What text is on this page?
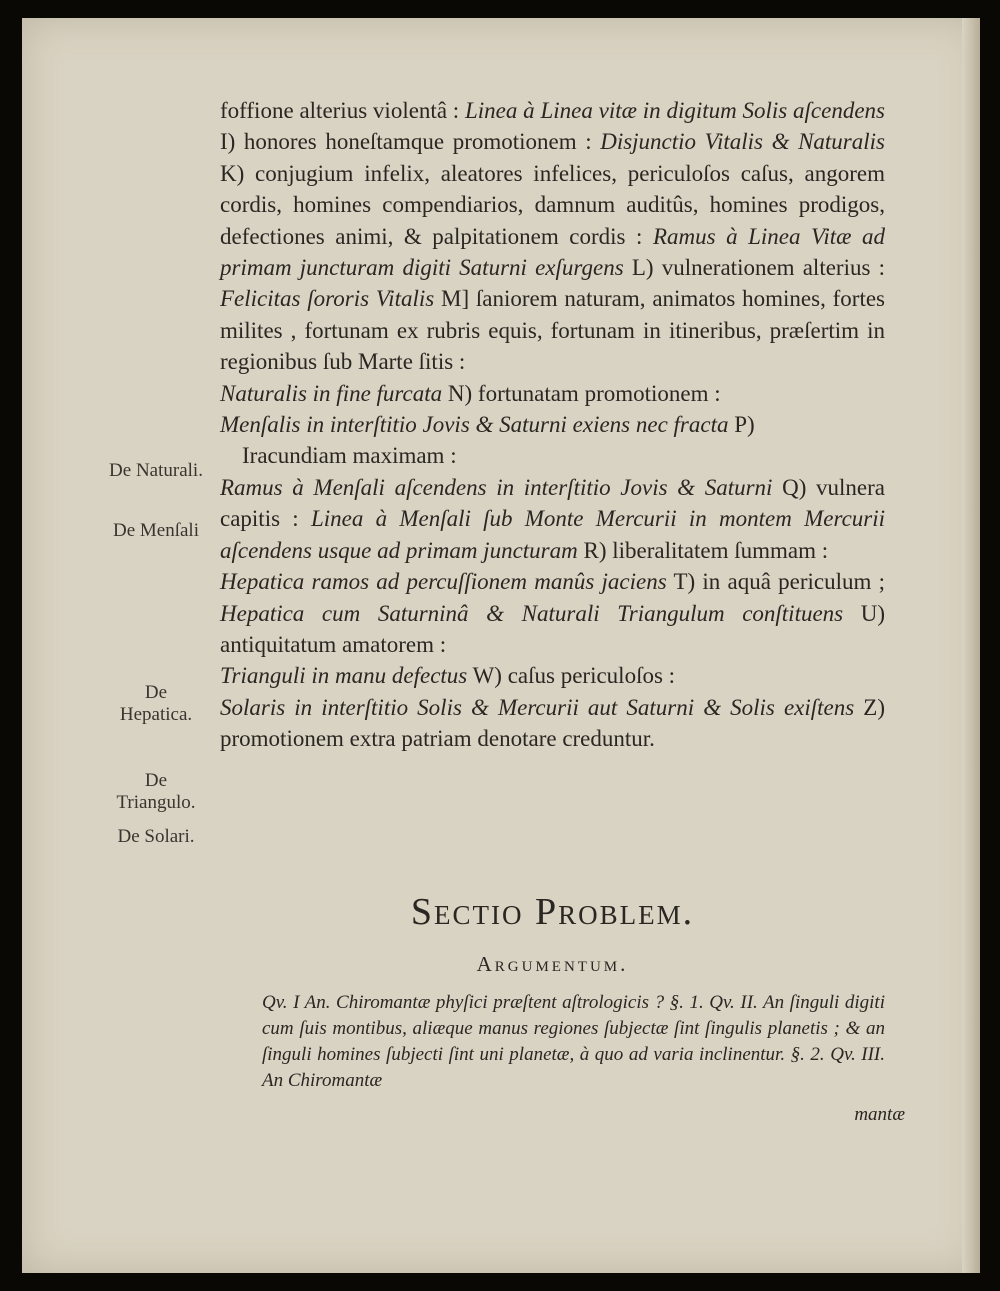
foffione alterius violentâ : Linea à Linea vitæ in digitum Solis aſcendens I) honores honeſtamque promotionem : Disjunctio Vitalis & Naturalis K) conjugium infelix, aleatores infelices, periculoſos caſus, angorem cordis, homines compendiarios, damnum auditûs, homines prodigos, defectiones animi, & palpitationem cordis : Ramus à Linea Vitæ ad primam juncturam digiti Saturni exſurgens L) vulnerationem alterius : Felicitas ſororis Vitalis M] ſaniorem naturam, animatos homines, fortes milites , fortunam ex rubris equis, fortunam in itineribus, præſertim in regionibus ſub Marte ſitis :

Naturalis in fine furcata N) fortunatam promotionem :

Menſalis in interſtitio Jovis & Saturni exiens nec fracta P)

Iracundiam maximam :

Ramus à Menſali aſcendens in interſtitio Jovis & Saturni Q) vulnera capitis : Linea à Menſali ſub Monte Mercurii in montem Mercurii aſcendens usque ad primam juncturam R) liberalitatem ſummam :

Hepatica ramos ad percuſſionem manûs jaciens T) in aquâ periculum ; Hepatica cum Saturninâ & Naturali Triangulum conſtituens U) antiquitatum amatorem :

Trianguli in manu defectus W) caſus periculoſos :

Solaris in interſtitio Solis & Mercurii aut Saturni & Solis exiſtens Z) promotionem extra patriam denotare creduntur.

De Naturali.
De Menſali
De Hepatica.
De Triangulo.
De Solari.
Sectio Problem.
Argumentum.
Qv. I An. Chiromantæ phyſici præſtent aſtrologicis ? §. 1. Qv. II. An ſinguli digiti cum ſuis montibus, aliæque manus regiones ſubjectæ ſint ſingulis planetis ; & an ſinguli homines ſubjecti ſint uni planetæ, à quo ad varia inclinentur. §. 2. Qv. III. An Chiromantæ
mantæ
